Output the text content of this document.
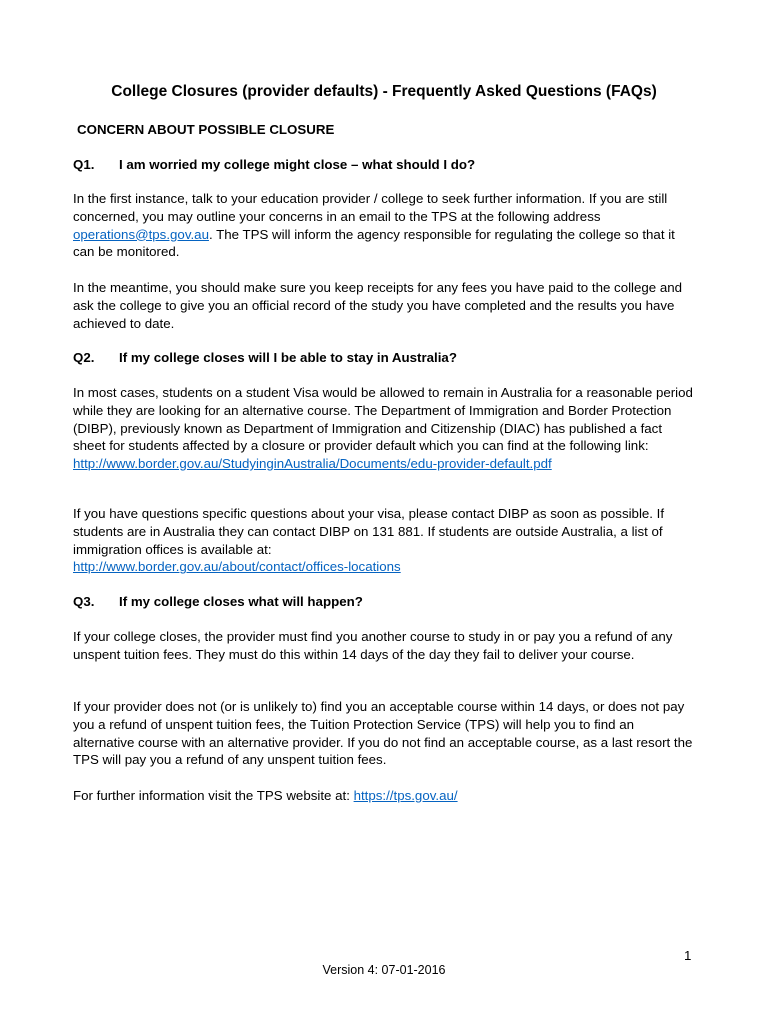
College Closures (provider defaults) - Frequently Asked Questions (FAQs)
CONCERN ABOUT POSSIBLE CLOSURE
Q1. I am worried my college might close – what should I do?
In the first instance, talk to your education provider / college to seek further information. If you are still concerned, you may outline your concerns in an email to the TPS at the following address operations@tps.gov.au. The TPS will inform the agency responsible for regulating the college so that it can be monitored.
In the meantime, you should make sure you keep receipts for any fees you have paid to the college and ask the college to give you an official record of the study you have completed and the results you have achieved to date.
Q2. If my college closes will I be able to stay in Australia?
In most cases, students on a student Visa would be allowed to remain in Australia for a reasonable period while they are looking for an alternative course. The Department of Immigration and Border Protection (DIBP), previously known as Department of Immigration and Citizenship (DIAC) has published a fact sheet for students affected by a closure or provider default which you can find at the following link: http://www.border.gov.au/StudyinginAustralia/Documents/edu-provider-default.pdf
If you have questions specific questions about your visa, please contact DIBP as soon as possible. If students are in Australia they can contact DIBP on 131 881. If students are outside Australia, a list of immigration offices is available at:
http://www.border.gov.au/about/contact/offices-locations
Q3. If my college closes what will happen?
If your college closes, the provider must find you another course to study in or pay you a refund of any unspent tuition fees. They must do this within 14 days of the day they fail to deliver your course.
If your provider does not (or is unlikely to) find you an acceptable course within 14 days, or does not pay you a refund of unspent tuition fees, the Tuition Protection Service (TPS) will help you to find an alternative course with an alternative provider. If you do not find an acceptable course, as a last resort the TPS will pay you a refund of any unspent tuition fees.
For further information visit the TPS website at: https://tps.gov.au/
1
Version 4: 07-01-2016
